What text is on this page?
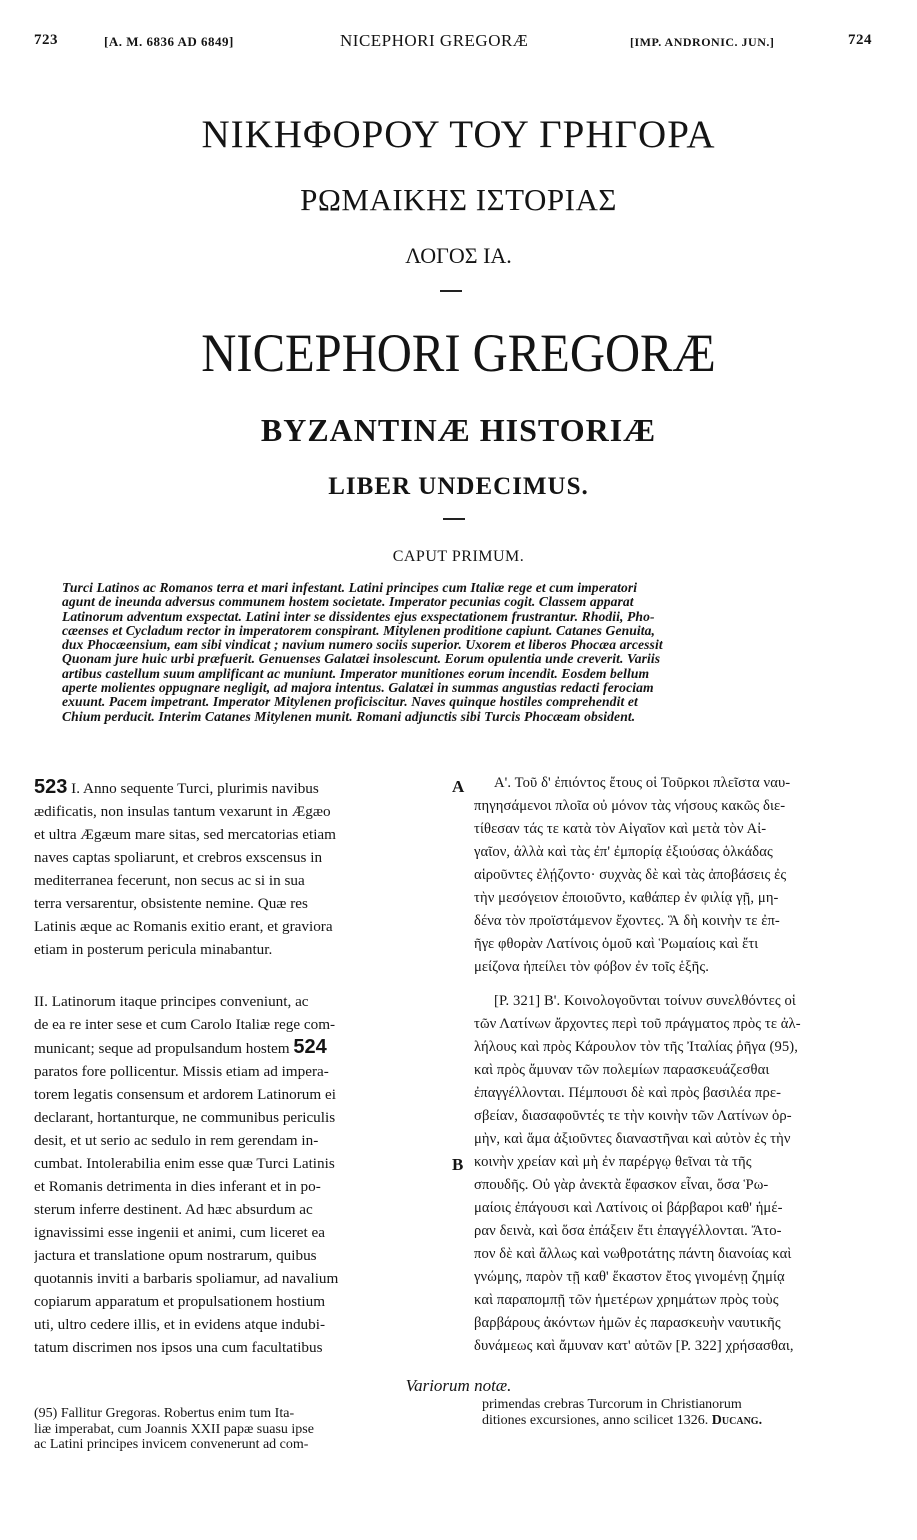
723	[A. M. 6836 AD 6849]	NICEPHORI GREGORÆ	[IMP. ANDRONIC. JUN.]	724
ΝΙΚΗΦΟΡΟΥ ΤΟΥ ΓΡΗΓΟΡΑ
ΡΩΜΑΙΚΗΣ ΙΣΤΟΡΙΑΣ
ΛΟΓΟΣ ΙΑ.
NICEPHORI GREGORÆ
BYZANTINÆ HISTORIÆ
LIBER UNDECIMUS.
CAPUT PRIMUM.
Turci Latinos ac Romanos terra et mari infestant. Latini principes cum Italiæ rege et cum imperatori
agunt de ineunda adversus communem hostem societate. Imperator pecunias cogit. Classem apparat
Latinorum adventum exspectat. Latini inter se dissidentes ejus exspectationem frustrantur. Rhodii, Pho-
cæenses et Cycladum rector in imperatorem conspirant. Mitylenen proditione capiunt. Catanes Genuita,
dux Phocæensium, eam sibi vindicat ; navium numero sociis superior. Uxorem et liberos Phocæa arcessit
Quonam jure huic urbi præfuerit. Genuenses Galatæi insolescunt. Eorum opulentia unde creverit. Variis
artibus castellum suum amplificant ac muniunt. Imperator munitiones eorum incendit. Eosdem bellum
aperte molientes oppugnare negligit, ad majora intentus. Galatæi in summas angustias redacti ferociam
exuunt. Pacem impetrant. Imperator Mitylenen proficiscitur. Naves quinque hostiles comprehendit et
Chium perducit. Interim Catanes Mitylenen munit. Romani adjunctis sibi Turcis Phocæam obsident.
523 I. Anno sequente Turci, plurimis navibus
ædificatis, non insulas tantum vexarunt in Ægæo
et ultra Ægæum mare sitas, sed mercatorias etiam
naves captas spoliarunt, et crebros exscensus in
mediterranea fecerunt, non secus ac si in sua
terra versarentur, obsistente nemine. Quæ res
Latinis æque ac Romanis exitio erant, et graviora
etiam in posterum pericula minabantur.
II. Latinorum itaque principes conveniunt, ac
de ea re inter sese et cum Carolo Italiæ rege com-
municant; seque ad propulsandum hostem 524
paratos fore pollicentur. Missis etiam ad impera-
torem legatis consensum et ardorem Latinorum ei
declarant, hortanturque, ne communibus periculis
desit, et ut serio ac sedulo in rem gerendam in-
cumbat. Intolerabilia enim esse quæ Turci Latinis
et Romanis detrimenta in dies inferant et in po-
sterum inferre destinent. Ad hæc absurdum ac
ignavissimi esse ingenii et animi, cum liceret ea
jactura et translatione opum nostrarum, quibus
quotannis inviti a barbaris spoliamur, ad navalium
copiarum apparatum et propulsationem hostium
uti, ultro cedere illis, et in evidens atque indubi-
tatum discrimen nos ipsos una cum facultatibus
A
B
Α'. Τοῦ δ' ἐπιόντος ἔτους οἱ Τοῦρκοι πλεῖστα ναυ-
πηγησάμενοι πλοῖα οὐ μόνον τὰς νήσους κακῶς διε-
τίθεσαν τάς τε κατὰ τὸν Αἰγαῖον καὶ μετὰ τὸν Αἰ-
γαῖον, ἀλλὰ καὶ τὰς ἐπ' ἐμπορίᾳ ἐξιούσας ὁλκάδας
αἱροῦντες ἐλῄζοντο· συχνὰς δὲ καὶ τὰς ἀποβάσεις ἐς
τὴν μεσόγειον ἐποιοῦντο, καθάπερ ἐν φιλίᾳ γῇ, μη-
δένα τὸν προϊστάμενον ἔχοντες. Ἃ δὴ κοινὴν τε ἐπ-
ῆγε φθορὰν Λατίνοις ὁμοῦ καὶ Ῥωμαίοις καὶ ἔτι
μείζονα ἠπείλει τὸν φόβον ἐν τοῖς ἑξῆς.
[P. 321] Β'. Κοινολογοῦνται τοίνυν συνελθόντες οἱ
τῶν Λατίνων ἄρχοντες περὶ τοῦ πράγματος πρὸς τε ἀλ-
λήλους καὶ πρὸς Κάρουλον τὸν τῆς Ἰταλίας ῥῆγα (95),
καὶ πρὸς ἄμυναν τῶν πολεμίων παρασκευάζεσθαι
ἐπαγγέλλονται. Πέμπουσι δὲ καὶ πρὸς βασιλέα πρε-
σβείαν, διασαφοῦντές τε τὴν κοινὴν τῶν Λατίνων ὁρ-
μὴν, καὶ ἅμα ἀξιοῦντες διαναστῆναι καὶ αὐτὸν ἐς τὴν
κοινὴν χρείαν καὶ μὴ ἐν παρέργῳ θεῖναι τὰ τῆς
σπουδῆς. Οὐ γὰρ ἀνεκτὰ ἔφασκον εἶναι, ὅσα Ῥω-
μαίοις ἐπάγουσι καὶ Λατίνοις οἱ βάρβαροι καθ' ἡμέ-
ραν δεινὰ, καὶ ὅσα ἐπάξειν ἔτι ἐπαγγέλλονται. Ἄτο-
πον δὲ καὶ ἄλλως καὶ νωθροτάτης πάντη διανοίας καὶ
γνώμης, παρὸν τῇ καθ' ἕκαστον ἔτος γινομένῃ ζημίᾳ
καὶ παραπομπῇ τῶν ἡμετέρων χρημάτων πρὸς τοὺς
βαρβάρους ἀκόντων ἡμῶν ἐς παρασκευὴν ναυτικῆς
δυνάμεως καὶ ἄμυναν κατ' αὐτῶν [P. 322] χρήσασθαι,
Variorum notæ.
(95) Fallitur Gregoras. Robertus enim tum Ita-
liæ imperabat, cum Joannis XXII papæ suasu ipse
ac Latini principes invicem convenerunt ad com-
primendas crebras Turcorum in Christianorum
ditiones excursiones, anno scilicet 1326. Ducang.
